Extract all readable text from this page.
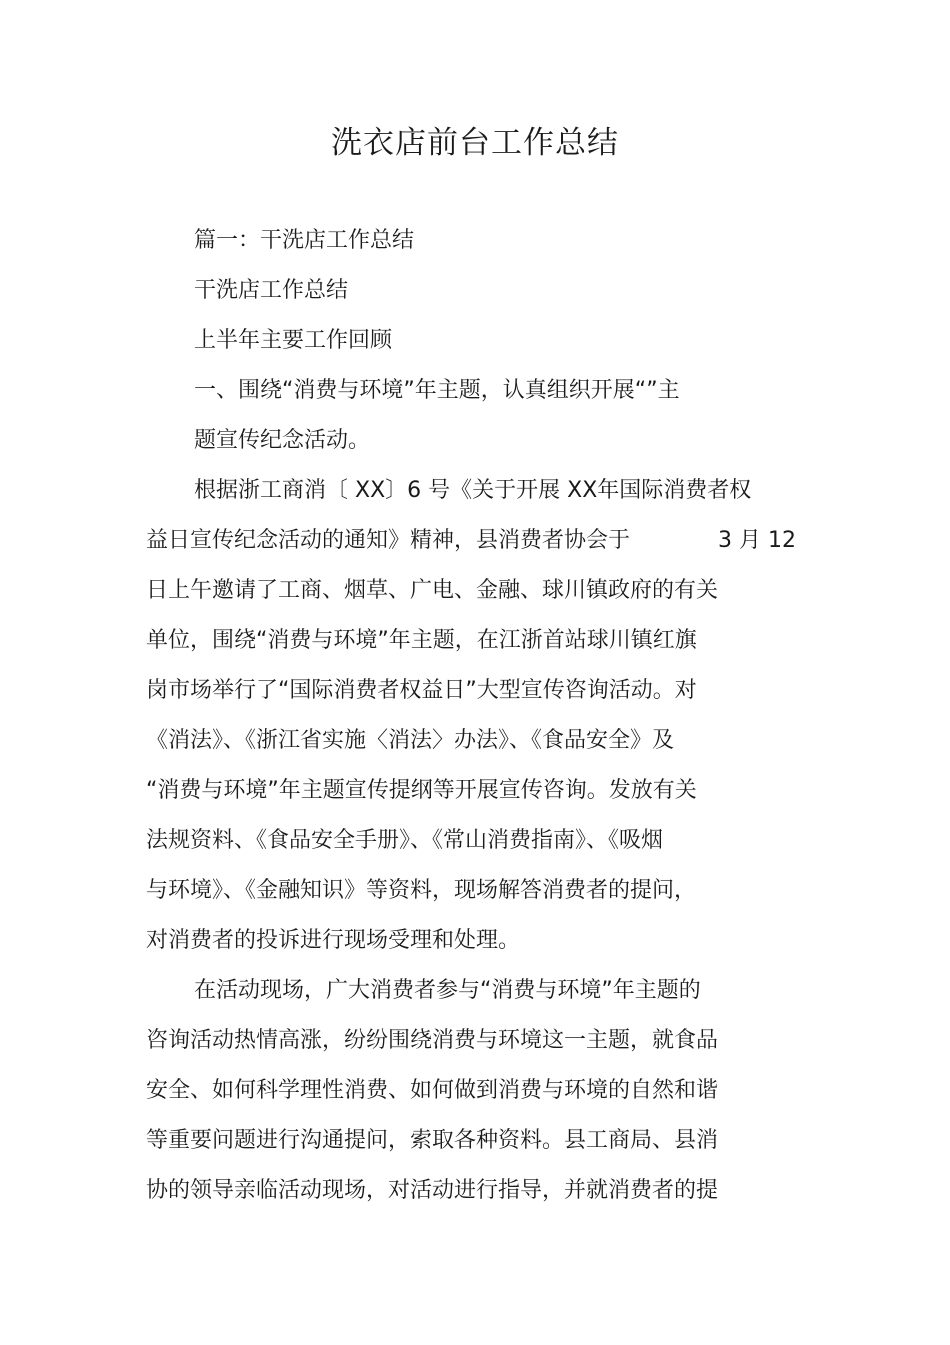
洗衣店前台工作总结
篇一：干洗店工作总结
干洗店工作总结
上半年主要工作回顾
一、围绕“消费与环境”年主题，认真组织开展“”主
题宣传纪念活动。
根据浙工商消〔 XX〕6 号《关于开展 XX年国际消费者权
益日宣传纪念活动的通知》精神，县消费者协会于	3 月 12
日上午邀请了工商、烟草、广电、金融、球川镇政府的有关
单位，围绕“消费与环境”年主题，在江浙首站球川镇红旗
岗市场举行了“国际消费者权益日”大型宣传咨询活动。对
《消法》、《浙江省实施〈消法〉办法》、《食品安全》及
“消费与环境”年主题宣传提纲等开展宣传咨询。发放有关
法规资料、《食品安全手册》、《常山消费指南》、《吸烟
与环境》、《金融知识》等资料，现场解答消费者的提问，
对消费者的投诉进行现场受理和处理。
在活动现场，广大消费者参与“消费与环境”年主题的
咨询活动热情高涨，纷纷围绕消费与环境这一主题，就食品
安全、如何科学理性消费、如何做到消费与环境的自然和谐
等重要问题进行沟通提问，索取各种资料。县工商局、县消
协的领导亲临活动现场，对活动进行指导，并就消费者的提
